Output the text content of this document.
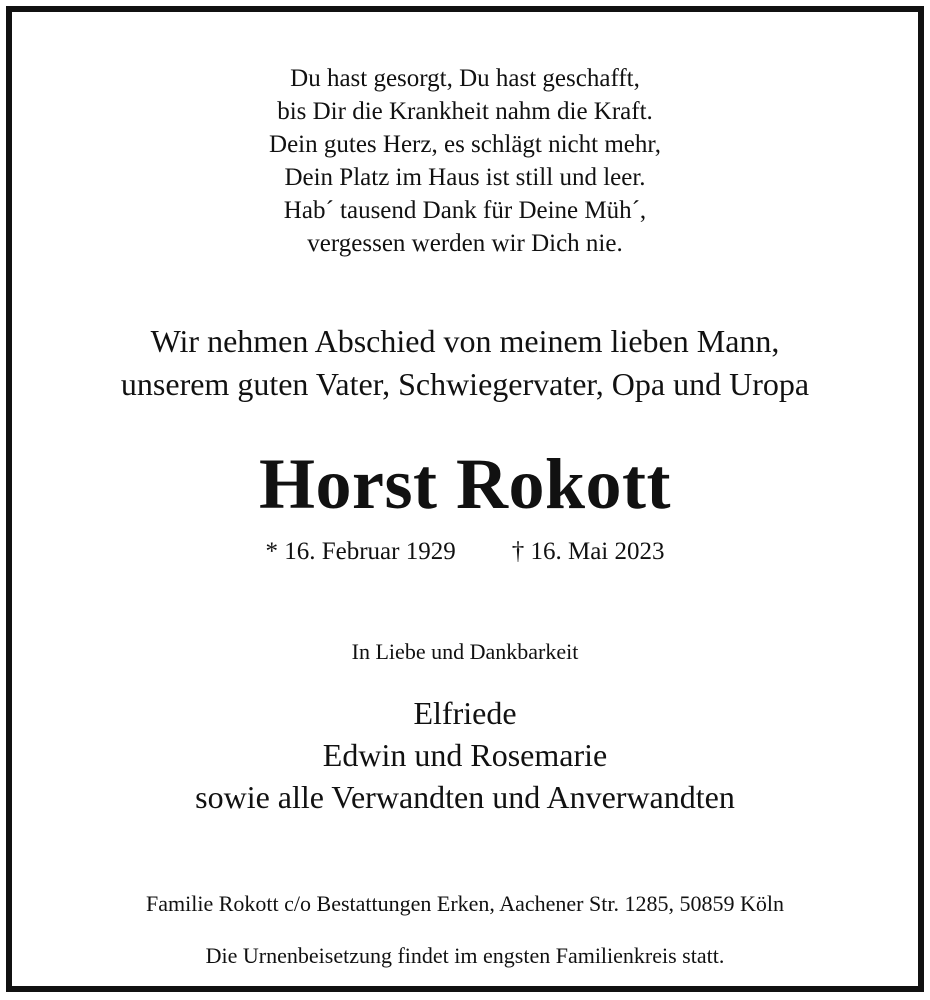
Du hast gesorgt, Du hast geschafft,
bis Dir die Krankheit nahm die Kraft.
Dein gutes Herz, es schlägt nicht mehr,
Dein Platz im Haus ist still und leer.
Hab´ tausend Dank für Deine Müh´,
vergessen werden wir Dich nie.
Wir nehmen Abschied von meinem lieben Mann,
unserem guten Vater, Schwiegervater, Opa und Uropa
Horst Rokott
* 16. Februar 1929 † 16. Mai 2023
In Liebe und Dankbarkeit
Elfriede
Edwin und Rosemarie
sowie alle Verwandten und Anverwandten
Familie Rokott c/o Bestattungen Erken, Aachener Str. 1285, 50859 Köln
Die Urnenbeisetzung findet im engsten Familienkreis statt.
